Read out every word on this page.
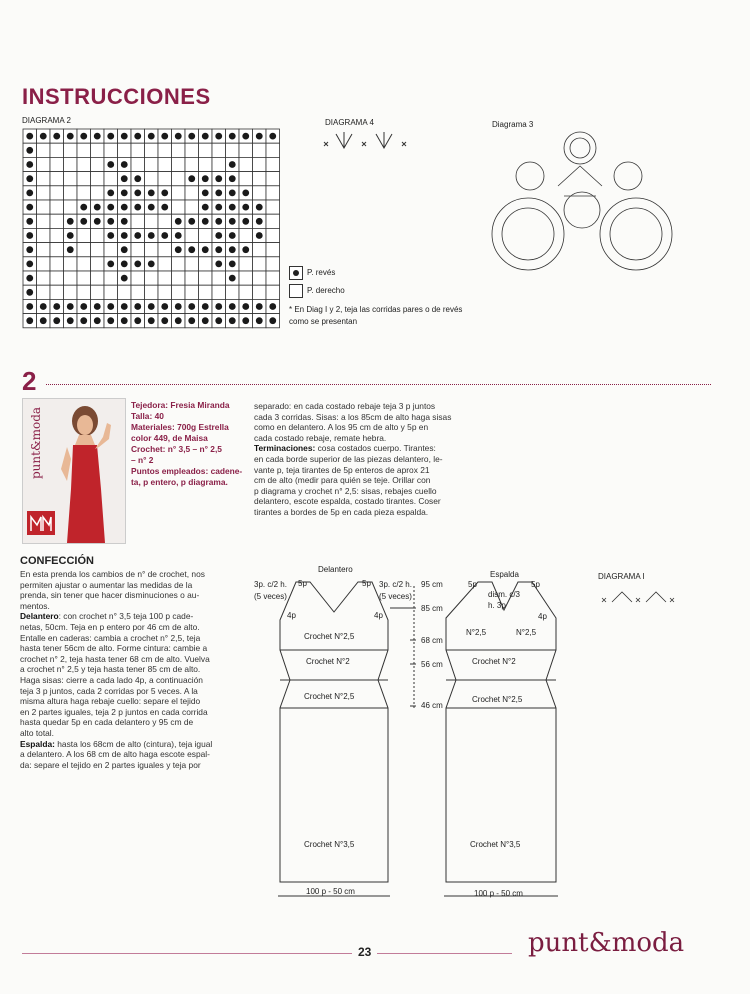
INSTRUCCIONES
DIAGRAMA 2	DIAGRAMA 4	Diagrama 3
P. revés
P. derecho
* En Diag I y 2, teja las corridas pares o de revés
como se presentan
2
punt&moda
Tejedora: Fresia Miranda
Talla: 40
Materiales: 700g Estrella
color 449, de Maisa
Crochet: n° 3,5 – n° 2,5
– n° 2
Puntos empleados: cadene-
ta, p entero, p diagrama.
separado: en cada costado rebaje teja 3 p juntos
cada 3 corridas. Sisas: a los 85cm de alto haga sisas
como en delantero. A los 95 cm de alto y 5p en
cada costado rebaje, remate hebra.
Terminaciones: cosa costados cuerpo. Tirantes:
en cada borde superior de las piezas delantero, le-
vante p, teja tirantes de 5p enteros de aprox 21
cm de alto (medir para quién se teje. Orillar con
p diagrama y crochet n° 2,5: sisas, rebajes cuello
delantero, escote espalda, costado tirantes. Coser
tirantes a bordes de 5p en cada pieza espalda.
CONFECCIÓN
En esta prenda los cambios de n° de crochet, nos
permiten ajustar o aumentar las medidas de la
prenda, sin tener que hacer disminuciones o au-
mentos.
Delantero: con crochet n° 3,5 teja 100 p cade-
netas, 50cm. Teja en p entero por 46 cm de alto.
Entalle en caderas: cambia a crochet n° 2,5, teja
hasta tener 56cm de alto. Forme cintura: cambie a
crochet n° 2, teja hasta tener 68 cm de alto. Vuelva
a crochet n° 2,5 y teja hasta tener 85 cm de alto.
Haga sisas: cierre a cada lado 4p, a continuación
teja 3 p juntos, cada 2 corridas por 5 veces. A la
misma altura haga rebaje cuello: separe el tejido
en 2 partes iguales, teja 2 p juntos en cada corrida
hasta quedar 5p en cada delantero y 95 cm de
alto total.
Espalda: hasta los 68cm de alto (cintura), teja igual
a delantero. A los 68 cm de alto haga escote espal-
da: separe el tejido en 2 partes iguales y teja por
Delantero
Espalda	DIAGRAMA I
3p. c/2 h.
(5 veces)
5p	5p 3p. c/2 h.
(5 veces)
4p	4p
95 cm
85 cm
68 cm
56 cm
46 cm
Crochet N°2,5
Crochet N°2
Crochet N°2,5
Crochet N°3,5
100 p - 50 cm
5p	5p
dism. c/3
h. 3p
4p
N°2,5	N°2,5
Crochet N°2
Crochet N°2,5
Crochet N°3,5
100 p - 50 cm
23	punt&moda
